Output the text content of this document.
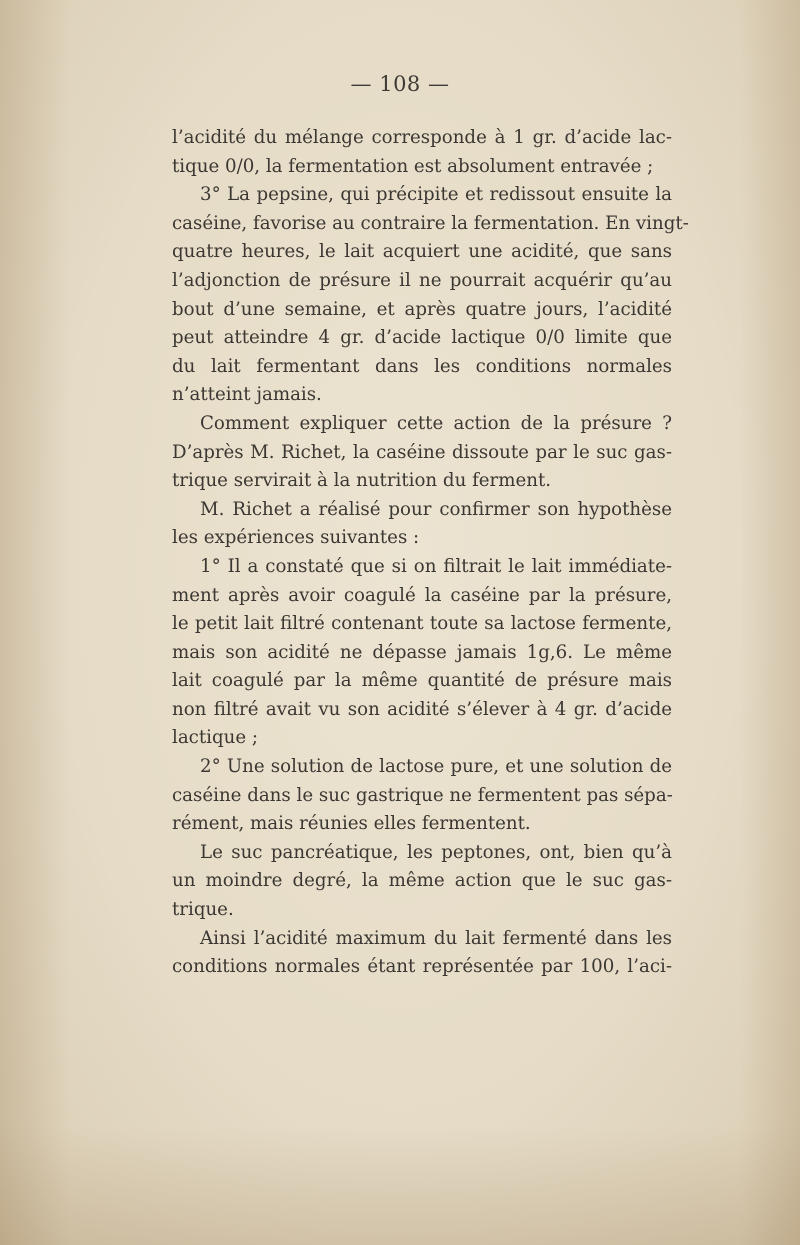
— 108 —
l’acidité du mélange corresponde à 1 gr. d’acide lac-
tique 0/0, la fermentation est absolument entravée ;
3° La pepsine, qui précipite et redissout ensuite la
caséine, favorise au contraire la fermentation. En vingt-
quatre heures, le lait acquiert une acidité, que sans
l’adjonction de présure il ne pourrait acquérir qu’au
bout d’une semaine, et après quatre jours, l’acidité
peut atteindre 4 gr. d’acide lactique 0/0 limite que
du lait fermentant dans les conditions normales
n’atteint jamais.
Comment expliquer cette action de la présure ?
D’après M. Richet, la caséine dissoute par le suc gas-
trique servirait à la nutrition du ferment.
M. Richet a réalisé pour confirmer son hypothèse
les expériences suivantes :
1° Il a constaté que si on filtrait le lait immédiate-
ment après avoir coagulé la caséine par la présure,
le petit lait filtré contenant toute sa lactose fermente,
mais son acidité ne dépasse jamais 1g,6. Le même
lait coagulé par la même quantité de présure mais
non filtré avait vu son acidité s’élever à 4 gr. d’acide
lactique ;
2° Une solution de lactose pure, et une solution de
caséine dans le suc gastrique ne fermentent pas sépa-
rément, mais réunies elles fermentent.
Le suc pancréatique, les peptones, ont, bien qu’à
un moindre degré, la même action que le suc gas-
trique.
Ainsi l’acidité maximum du lait fermenté dans les
conditions normales étant représentée par 100, l’aci-
